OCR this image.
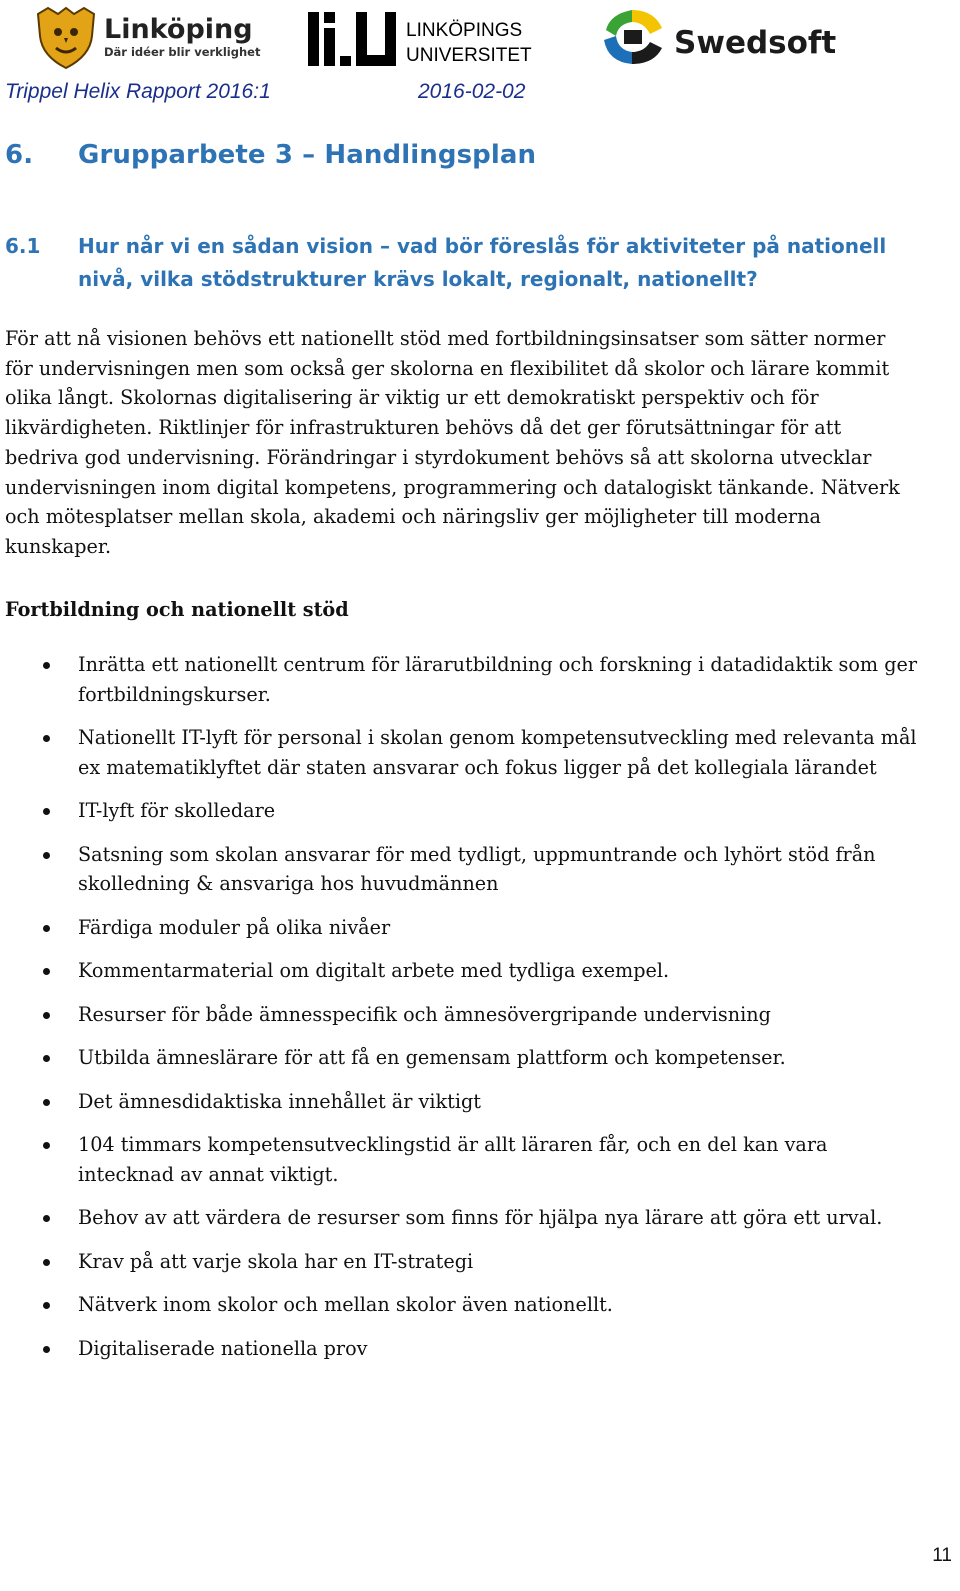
Linköping
Där idéer blir verklighet
LINKÖPINGS
UNIVERSITET	Swedsoft
Trippel Helix Rapport 2016:1	2016-02-02
6. Grupparbete 3 – Handlingsplan
6.1	Hur når vi en sådan vision – vad bör föreslås för aktiviteter på nationell nivå, vilka stödstrukturer krävs lokalt, regionalt, nationellt?
För att nå visionen behövs ett nationellt stöd med fortbildningsinsatser som sätter normer för undervisningen men som också ger skolorna en flexibilitet då skolor och lärare kommit olika långt. Skolornas digitalisering är viktig ur ett demokratiskt perspektiv och för likvärdigheten. Riktlinjer för infrastrukturen behövs då det ger förutsättningar för att bedriva god undervisning. Förändringar i styrdokument behövs så att skolorna utvecklar undervisningen inom digital kompetens, programmering och datalogiskt tänkande. Nätverk och mötesplatser mellan skola, akademi och näringsliv ger möjligheter till moderna kunskaper.
Fortbildning och nationellt stöd
Inrätta ett nationellt centrum för lärarutbildning och forskning i datadidaktik som ger fortbildningskurser.
Nationellt IT-lyft för personal i skolan genom kompetensutveckling med relevanta mål ex matematiklyftet där staten ansvarar och fokus ligger på det kollegiala lärandet
IT-lyft för skolledare
Satsning som skolan ansvarar för med tydligt, uppmuntrande och lyhört stöd från skolledning & ansvariga hos huvudmännen
Färdiga moduler på olika nivåer
Kommentarmaterial om digitalt arbete med tydliga exempel.
Resurser för både ämnesspecifik och ämnesövergripande undervisning
Utbilda ämneslärare för att få en gemensam plattform och kompetenser.
Det ämnesdidaktiska innehållet är viktigt
104 timmars kompetensutvecklingstid är allt läraren får, och en del kan vara intecknad av annat viktigt.
Behov av att värdera de resurser som finns för hjälpa nya lärare att göra ett urval.
Krav på att varje skola har en IT-strategi
Nätverk inom skolor och mellan skolor även nationellt.
Digitaliserade nationella prov
11
